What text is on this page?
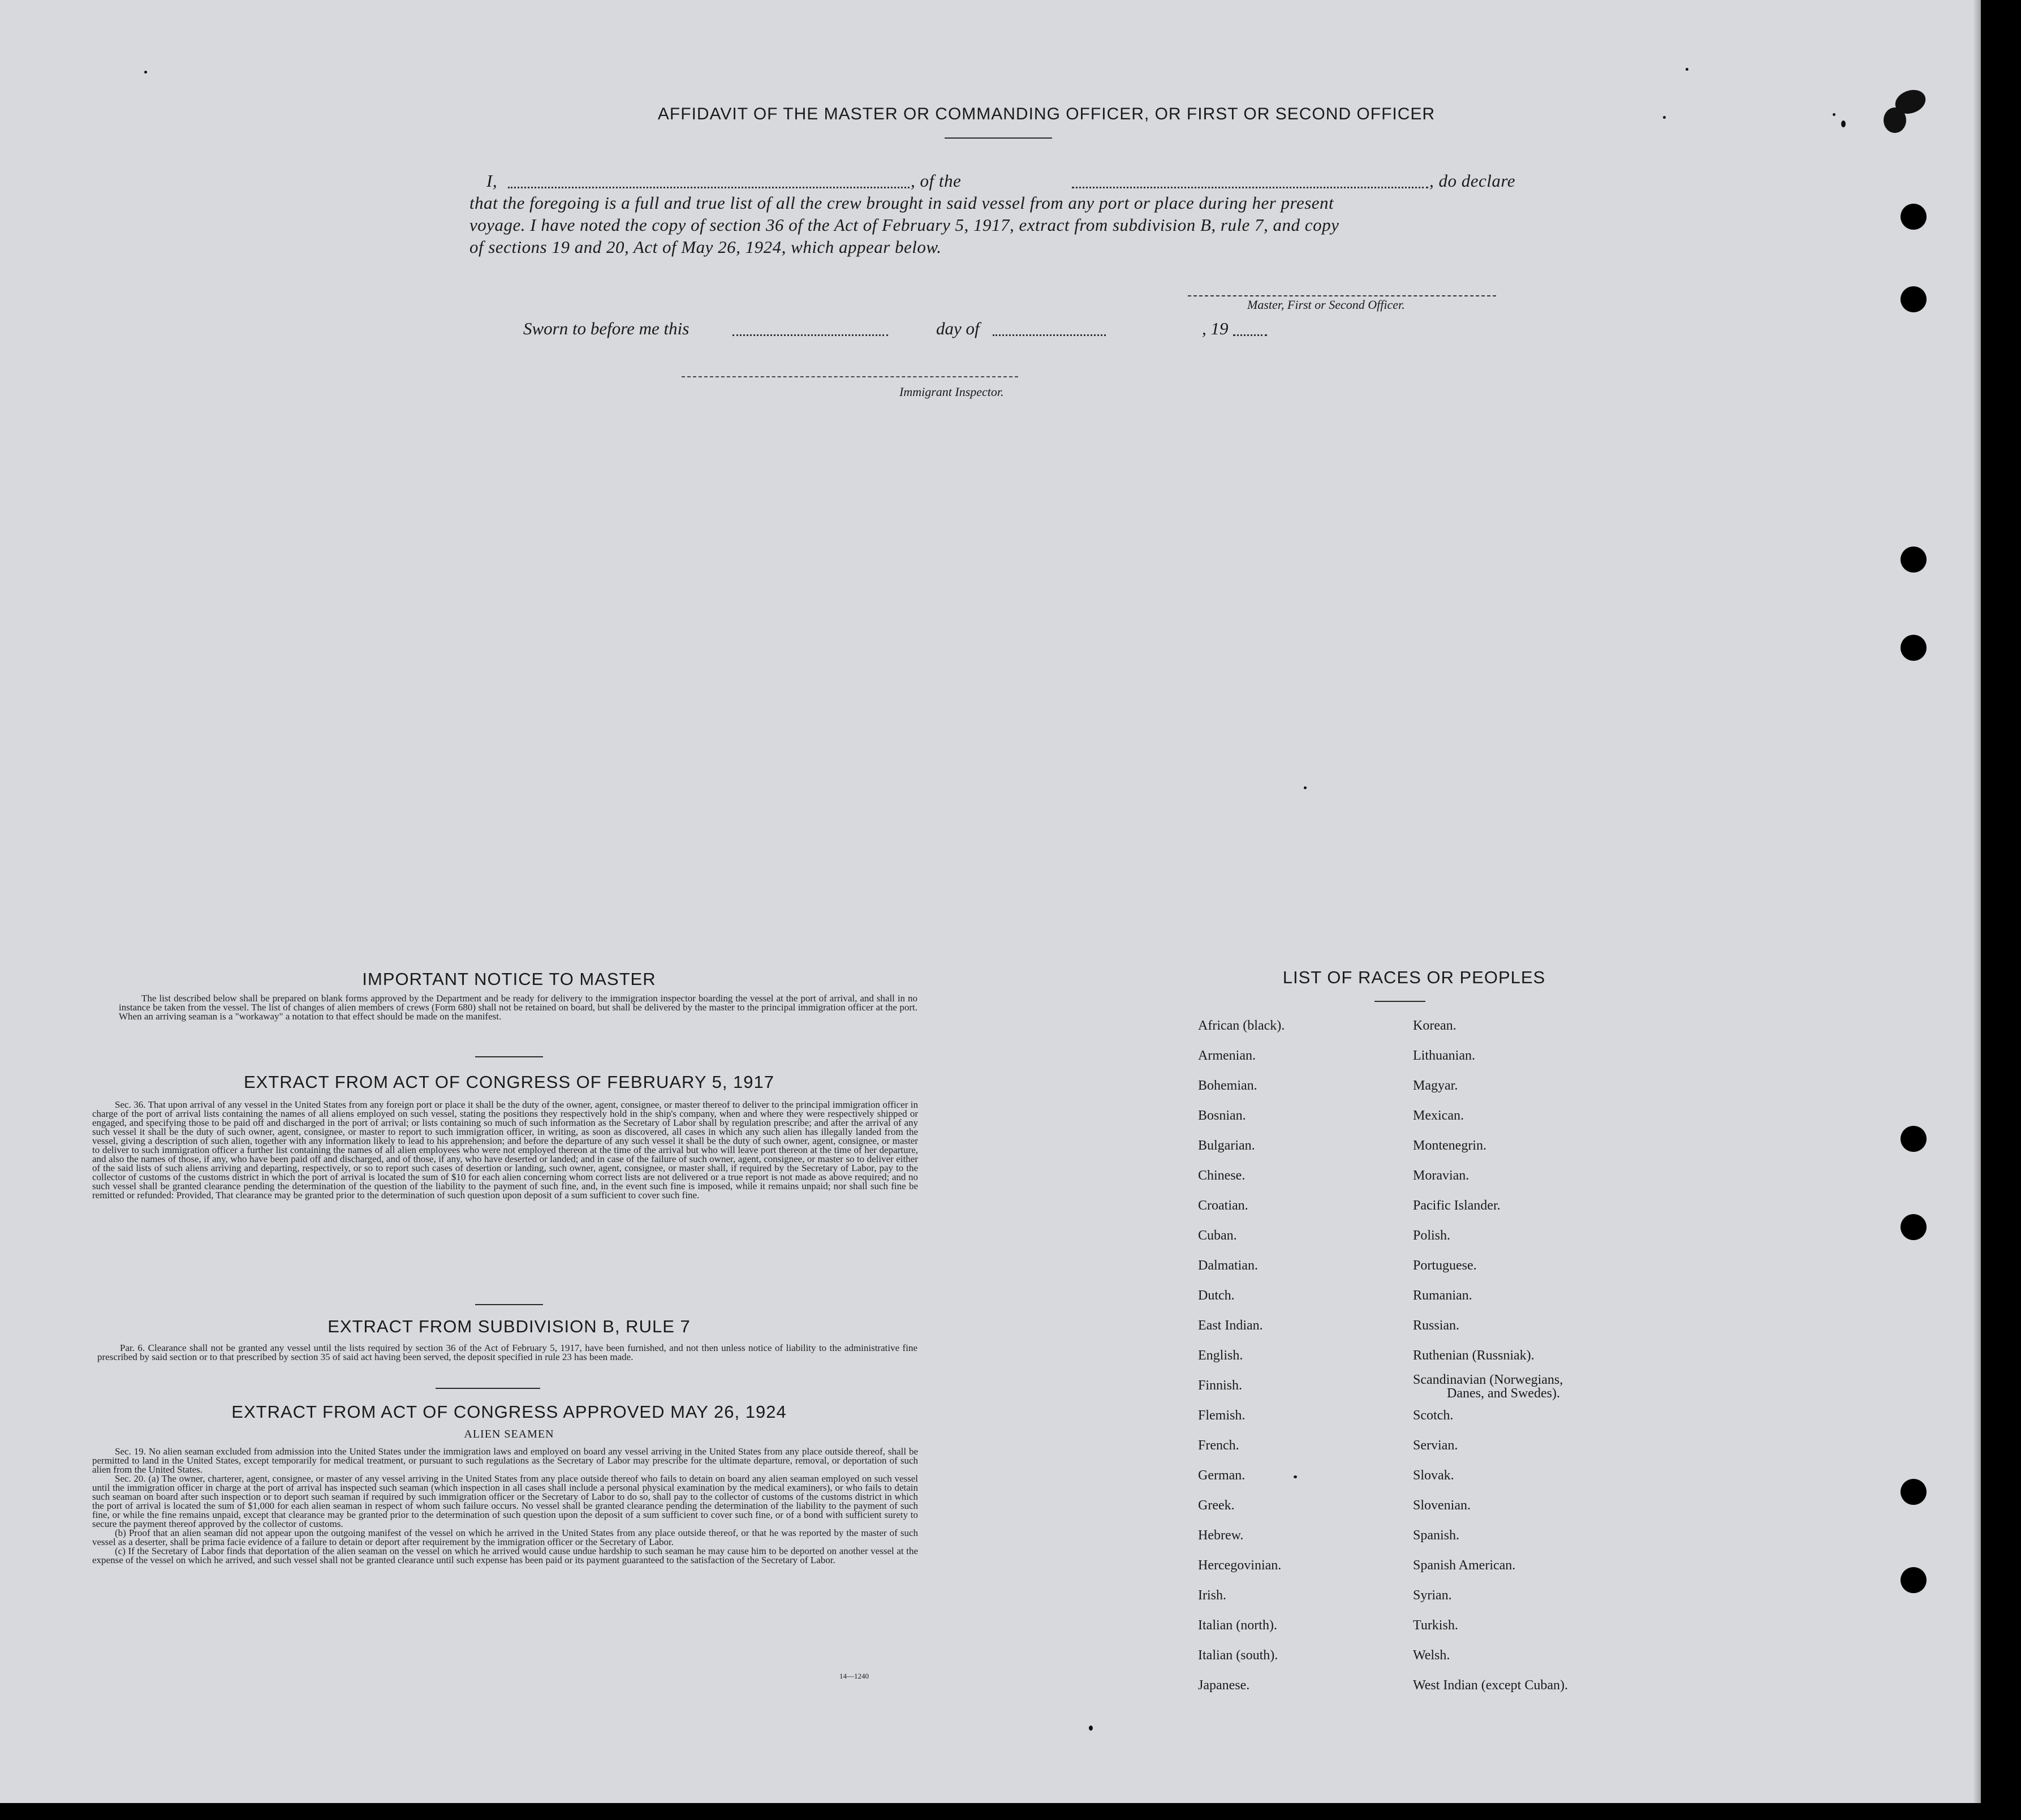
AFFIDAVIT OF THE MASTER OR COMMANDING OFFICER, OR FIRST OR SECOND OFFICER
I,	, of the	, do declare
that the foregoing is a full and true list of all the crew brought in said vessel from any port or place during her present
voyage. I have noted the copy of section 36 of the Act of February 5, 1917, extract from subdivision B, rule 7, and copy
of sections 19 and 20, Act of May 26, 1924, which appear below.
Master, First or Second Officer.
Sworn to before me this	day of	, 19
Immigrant Inspector.
IMPORTANT NOTICE TO MASTER

The list described below shall be prepared on blank forms approved by the Department and be ready for delivery to the immigration inspector boarding the vessel at the port of arrival, and shall in no instance be taken from the vessel. The list of changes of alien members of crews (Form 680) shall not be retained on board, but shall be delivered by the master to the principal immigration officer at the port. When an arriving seaman is a "workaway" a notation to that effect should be made on the manifest.

EXTRACT FROM ACT OF CONGRESS OF FEBRUARY 5, 1917

Sec. 36. That upon arrival of any vessel in the United States from any foreign port or place it shall be the duty of the owner, agent, consignee, or master thereof to deliver to the principal immigration officer in charge of the port of arrival lists containing the names of all aliens employed on such vessel, stating the positions they respectively hold in the ship's company, when and where they were respectively shipped or engaged, and specifying those to be paid off and discharged in the port of arrival; or lists containing so much of such information as the Secretary of Labor shall by regulation prescribe; and after the arrival of any such vessel it shall be the duty of such owner, agent, consignee, or master to report to such immigration officer, in writing, as soon as discovered, all cases in which any such alien has illegally landed from the vessel, giving a description of such alien, together with any information likely to lead to his apprehension; and before the departure of any such vessel it shall be the duty of such owner, agent, consignee, or master to deliver to such immigration officer a further list containing the names of all alien employees who were not employed thereon at the time of the arrival but who will leave port thereon at the time of her departure, and also the names of those, if any, who have been paid off and discharged, and of those, if any, who have deserted or landed; and in case of the failure of such owner, agent, consignee, or master so to deliver either of the said lists of such aliens arriving and departing, respectively, or so to report such cases of desertion or landing, such owner, agent, consignee, or master shall, if required by the Secretary of Labor, pay to the collector of customs of the customs district in which the port of arrival is located the sum of $10 for each alien concerning whom correct lists are not delivered or a true report is not made as above required; and no such vessel shall be granted clearance pending the determination of the question of the liability to the payment of such fine, and, in the event such fine is imposed, while it remains unpaid; nor shall such fine be remitted or refunded: Provided, That clearance may be granted prior to the determination of such question upon deposit of a sum sufficient to cover such fine.

EXTRACT FROM SUBDIVISION B, RULE 7

Par. 6. Clearance shall not be granted any vessel until the lists required by section 36 of the Act of February 5, 1917, have been furnished, and not then unless notice of liability to the administrative fine prescribed by said section or to that prescribed by section 35 of said act having been served, the deposit specified in rule 23 has been made.

EXTRACT FROM ACT OF CONGRESS APPROVED MAY 26, 1924
ALIEN SEAMEN

Sec. 19. No alien seaman excluded from admission into the United States under the immigration laws and employed on board any vessel arriving in the United States from any place outside thereof, shall be permitted to land in the United States, except temporarily for medical treatment, or pursuant to such regulations as the Secretary of Labor may prescribe for the ultimate departure, removal, or deportation of such alien from the United States.

Sec. 20. (a) The owner, charterer, agent, consignee, or master of any vessel arriving in the United States from any place outside thereof who fails to detain on board any alien seaman employed on such vessel until the immigration officer in charge at the port of arrival has inspected such seaman (which inspection in all cases shall include a personal physical examination by the medical examiners), or who fails to detain such seaman on board after such inspection or to deport such seaman if required by such immigration officer or the Secretary of Labor to do so, shall pay to the collector of customs of the customs district in which the port of arrival is located the sum of $1,000 for each alien seaman in respect of whom such failure occurs. No vessel shall be granted clearance pending the determination of the liability to the payment of such fine, or while the fine remains unpaid, except that clearance may be granted prior to the determination of such question upon the deposit of a sum sufficient to cover such fine, or of a bond with sufficient surety to secure the payment thereof approved by the collector of customs.

(b) Proof that an alien seaman did not appear upon the outgoing manifest of the vessel on which he arrived in the United States from any place outside thereof, or that he was reported by the master of such vessel as a deserter, shall be prima facie evidence of a failure to detain or deport after requirement by the immigration officer or the Secretary of Labor.

(c) If the Secretary of Labor finds that deportation of the alien seaman on the vessel on which he arrived would cause undue hardship to such seaman he may cause him to be deported on another vessel at the expense of the vessel on which he arrived, and such vessel shall not be granted clearance until such expense has been paid or its payment guaranteed to the satisfaction of the Secretary of Labor.

14—1240
LIST OF RACES OR PEOPLES
African (black).
Armenian.
Bohemian.
Bosnian.
Bulgarian.
Chinese.
Croatian.
Cuban.
Dalmatian.
Dutch.
East Indian.
English.
Finnish.
Flemish.
French.
German.
Greek.
Hebrew.
Hercegovinian.
Irish.
Italian (north).
Italian (south).
Japanese.
Korean.
Lithuanian.
Magyar.
Mexican.
Montenegrin.
Moravian.
Pacific Islander.
Polish.
Portuguese.
Rumanian.
Russian.
Ruthenian (Russniak).
Scandinavian (Norwegians,
Danes, and Swedes).
Scotch.
Servian.
Slovak.
Slovenian.
Spanish.
Spanish American.
Syrian.
Turkish.
Welsh.
West Indian (except Cuban).
